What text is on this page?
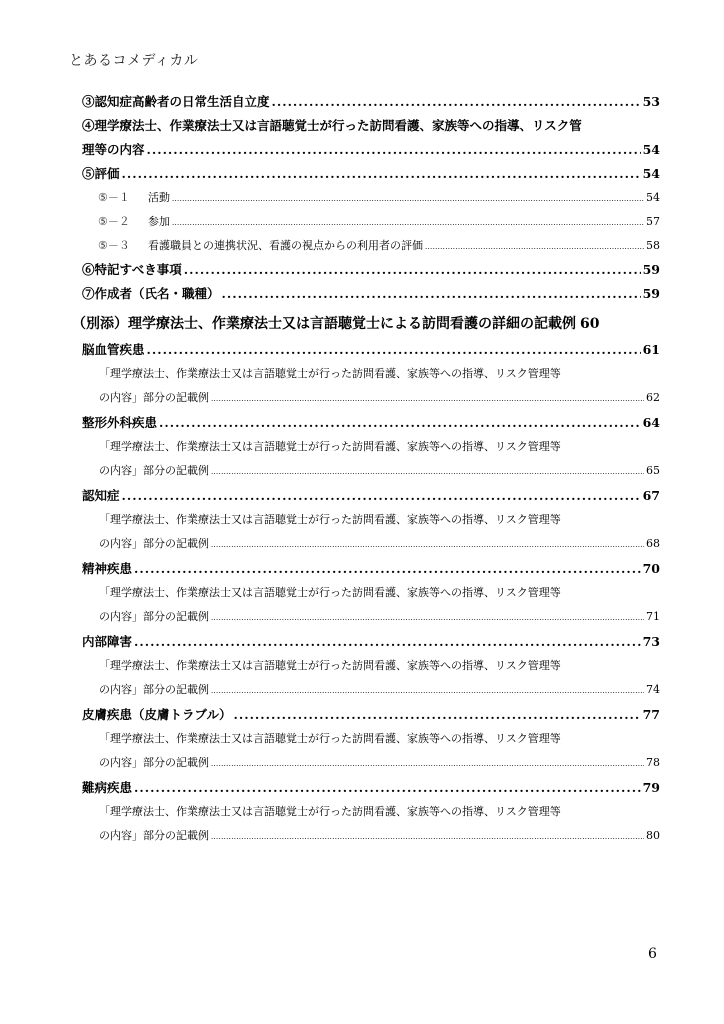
とあるコメディカル
③認知症高齢者の日常生活自立度 .....	53
④理学療法士、作業療法士又は言語聴覚士が行った訪問看護、家族等への指導、リスク管
理等の内容 .....	54
⑤評価 .....	54
⑤－１ 活動 .....	54
⑤－２ 参加 .....	57
⑤－３ 看護職員との連携状況、看護の視点からの利用者の評価 .....	58
⑥特記すべき事項 .....	59
⑦作成者（氏名・職種） .....	59
（別添）理学療法士、作業療法士又は言語聴覚士による訪問看護の詳細の記載例 60
脳血管疾患 .....	61
「理学療法士、作業療法士又は言語聴覚士が行った訪問看護、家族等への指導、リスク管理等
の内容」部分の記載例 .....	62
整形外科疾患 .....	64
「理学療法士、作業療法士又は言語聴覚士が行った訪問看護、家族等への指導、リスク管理等
の内容」部分の記載例 .....	65
認知症 .....	67
「理学療法士、作業療法士又は言語聴覚士が行った訪問看護、家族等への指導、リスク管理等
の内容」部分の記載例 .....	68
精神疾患 .....	70
「理学療法士、作業療法士又は言語聴覚士が行った訪問看護、家族等への指導、リスク管理等
の内容」部分の記載例 .....	71
内部障害 .....	73
「理学療法士、作業療法士又は言語聴覚士が行った訪問看護、家族等への指導、リスク管理等
の内容」部分の記載例 .....	74
皮膚疾患（皮膚トラブル） .....	77
「理学療法士、作業療法士又は言語聴覚士が行った訪問看護、家族等への指導、リスク管理等
の内容」部分の記載例 .....	78
難病疾患 .....	79
「理学療法士、作業療法士又は言語聴覚士が行った訪問看護、家族等への指導、リスク管理等
の内容」部分の記載例 .....	80
6
